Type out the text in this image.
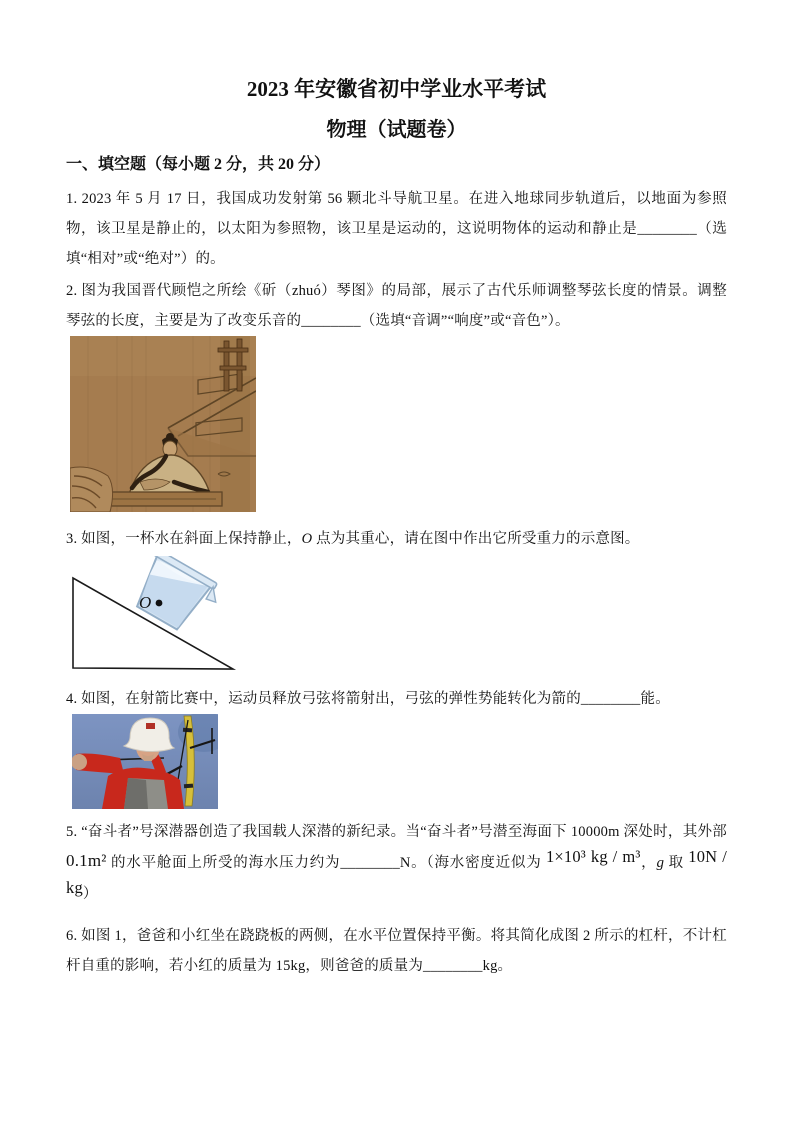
2023 年安徽省初中学业水平考试
物理（试题卷）
一、填空题（每小题 2 分，共 20 分）

1. 2023 年 5 月 17 日，我国成功发射第 56 颗北斗导航卫星。在进入地球同步轨道后，以地面为参照物，该卫星是静止的，以太阳为参照物，该卫星是运动的，这说明物体的运动和静止是________（选填“相对”或“绝对”）的。

2. 图为我国晋代顾恺之所绘《斫（zhuó）琴图》的局部，展示了古代乐师调整琴弦长度的情景。调整琴弦的长度，主要是为了改变乐音的________（选填“音调”“响度”或“音色”）。

3. 如图，一杯水在斜面上保持静止，O 点为其重心，请在图中作出它所受重力的示意图。

O

4. 如图，在射箭比赛中，运动员释放弓弦将箭射出，弓弦的弹性势能转化为箭的________能。

5. “奋斗者”号深潜器创造了我国载人深潜的新纪录。当“奋斗者”号潜至海面下 10000m 深处时，其外部0.1m² 的水平舱面上所受的海水压力约为________N。（海水密度近似为 1×10³ kg / m³，g 取 10N / kg）

6. 如图 1，爸爸和小红坐在跷跷板的两侧，在水平位置保持平衡。将其简化成图 2 所示的杠杆，不计杠杆自重的影响，若小红的质量为 15kg，则爸爸的质量为________kg。
